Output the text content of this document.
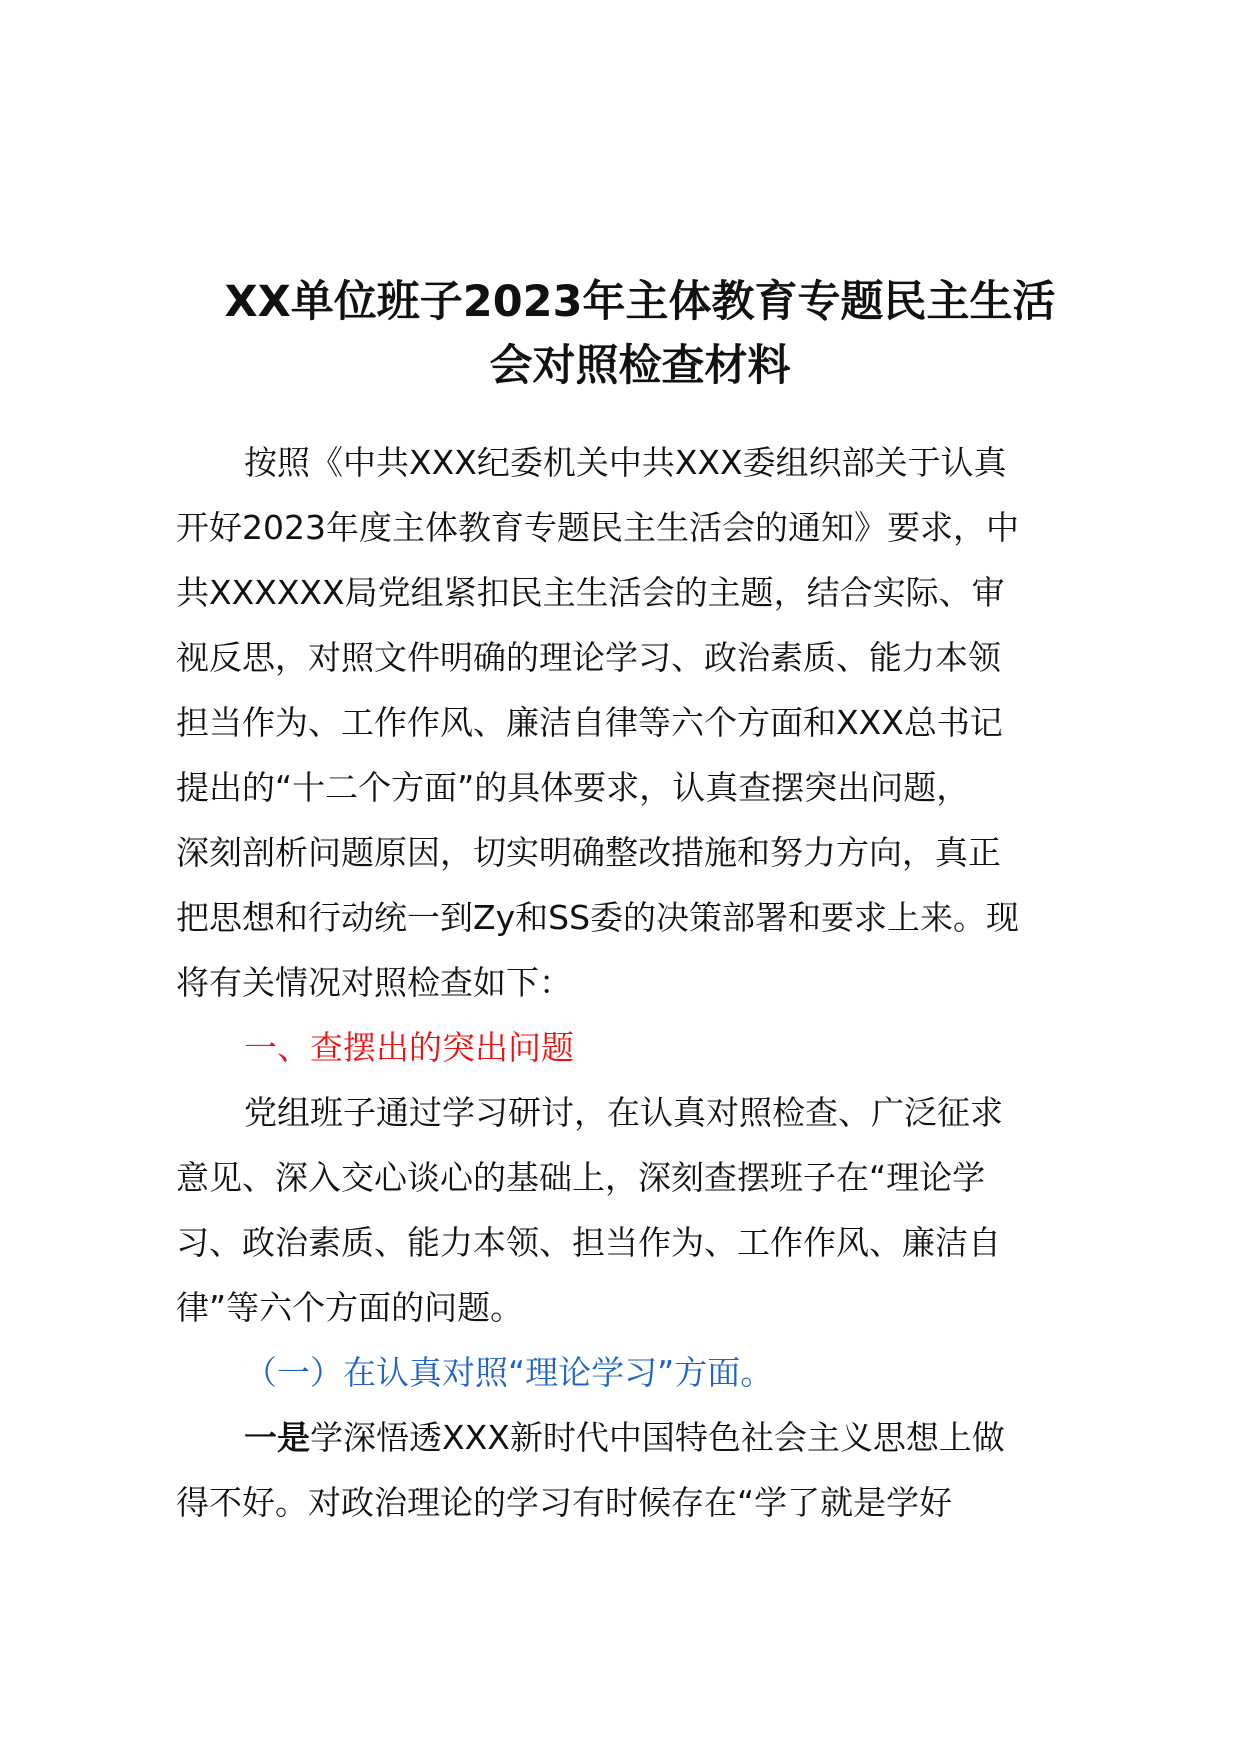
XX单位班子2023年主体教育专题民主生活
会对照检查材料
按照《中共XXX纪委机关中共XXX委组织部关于认真
开好2023年度主体教育专题民主生活会的通知》要求，中
共XXXXXX局党组紧扣民主生活会的主题，结合实际、审
视反思，对照文件明确的理论学习、政治素质、能力本领
担当作为、工作作风、廉洁自律等六个方面和XXX总书记
提出的“十二个方面”的具体要求，认真查摆突出问题，
深刻剖析问题原因，切实明确整改措施和努力方向，真正
把思想和行动统一到Zy和SS委的决策部署和要求上来。现
将有关情况对照检查如下：
一、查摆出的突出问题
党组班子通过学习研讨，在认真对照检查、广泛征求
意见、深入交心谈心的基础上，深刻查摆班子在“理论学
习、政治素质、能力本领、担当作为、工作作风、廉洁自
律”等六个方面的问题。
（一）在认真对照“理论学习”方面。
一是学深悟透XXX新时代中国特色社会主义思想上做
得不好。对政治理论的学习有时候存在“学了就是学好
